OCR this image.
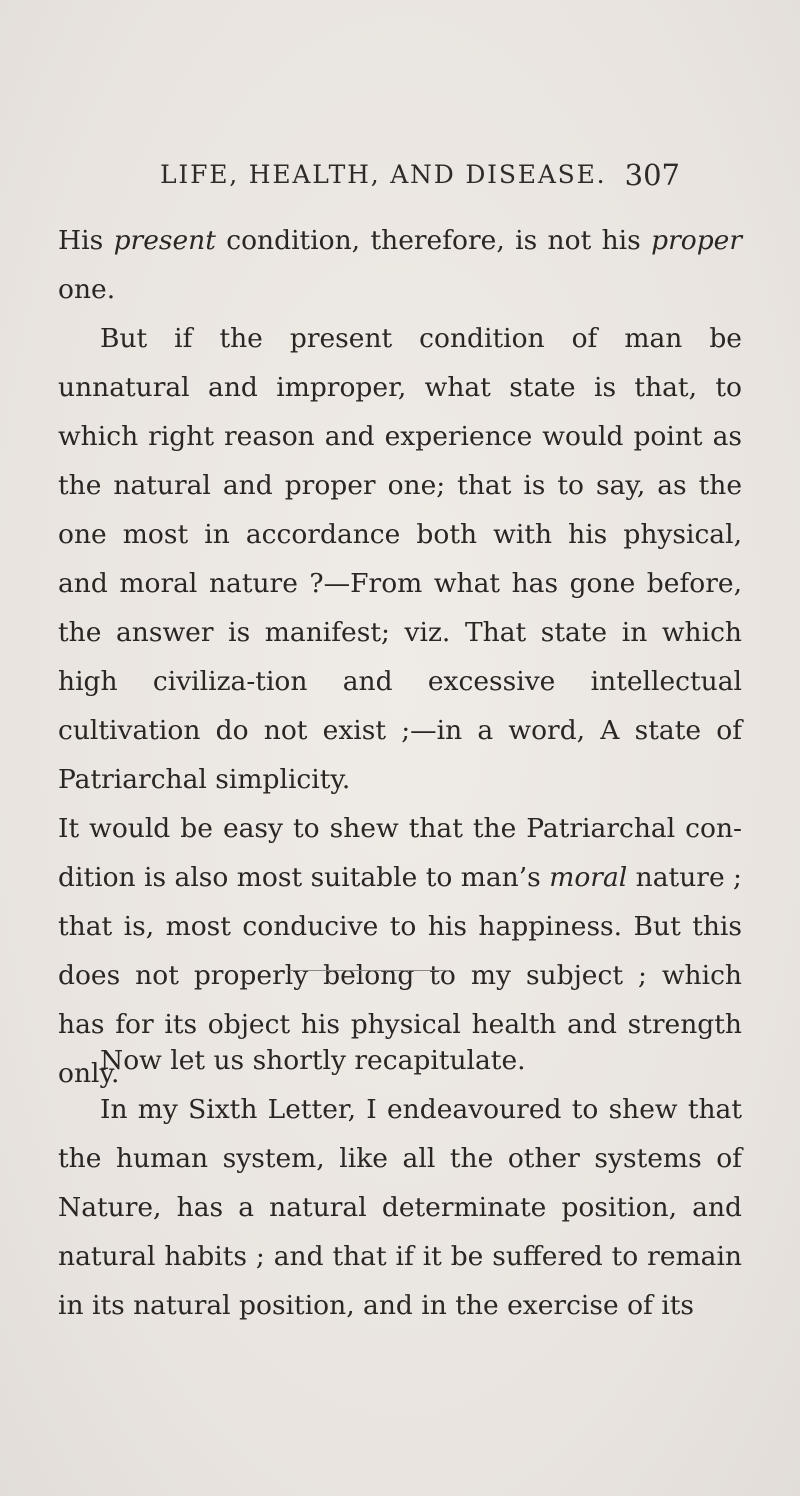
LIFE, HEALTH, AND DISEASE. 307

His present condition, therefore, is not his proper one.

But if the present condition of man be unnatural and improper, what state is that, to which right reason and experience would point as the natural and proper one; that is to say, as the one most in accordance both with his physical, and moral nature ?—From what has gone before, the answer is manifest; viz. That state in which high civiliza-tion and excessive intellectual cultivation do not exist ;—in a word, A state of Patriarchal simplicity.

It would be easy to shew that the Patriarchal con-dition is also most suitable to man’s moral nature ; that is, most conducive to his happiness. But this does not properly belong to my subject ; which has for its object his physical health and strength only.

Now let us shortly recapitulate.

In my Sixth Letter, I endeavoured to shew that the human system, like all the other systems of Nature, has a natural determinate position, and natural habits ; and that if it be suffered to remain in its natural position, and in the exercise of its
